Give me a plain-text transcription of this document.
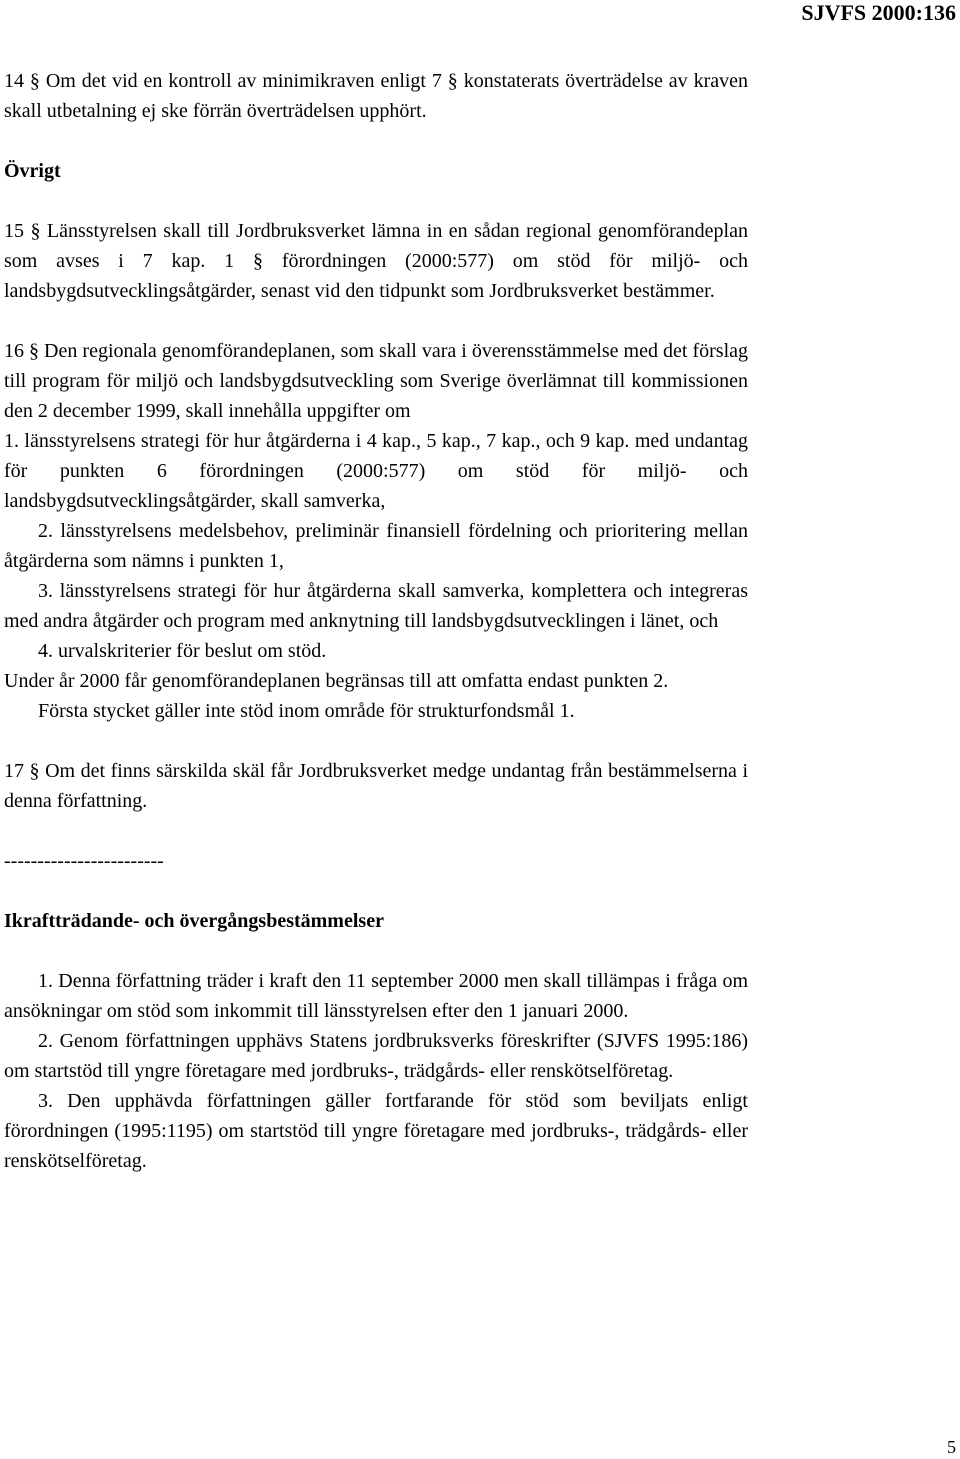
SJVFS 2000:136

14 § Om det vid en kontroll av minimikraven enligt 7 § konstaterats överträdelse av kraven skall utbetalning ej ske förrän överträdelsen upphört.

Övrigt

15 § Länsstyrelsen skall till Jordbruksverket lämna in en sådan regional genomförandeplan som avses i 7 kap. 1 § förordningen (2000:577) om stöd för miljö- och landsbygdsutvecklingsåtgärder, senast vid den tidpunkt som Jordbruksverket bestämmer.

16 § Den regionala genomförandeplanen, som skall vara i överensstämmelse med det förslag till program för miljö och landsbygdsutveckling som Sverige överlämnat till kommissionen den 2 december 1999, skall innehålla uppgifter om

1. länsstyrelsens strategi för hur åtgärderna i 4 kap., 5 kap., 7 kap., och 9 kap. med undantag för punkten 6 förordningen (2000:577) om stöd för miljö- och landsbygdsutvecklingsåtgärder, skall samverka,

2. länsstyrelsens medelsbehov, preliminär finansiell fördelning och prioritering mellan åtgärderna som nämns i punkten 1,

3. länsstyrelsens strategi för hur åtgärderna skall samverka, komplettera och integreras med andra åtgärder och program med anknytning till landsbygdsutvecklingen i länet, och

4. urvalskriterier för beslut om stöd.

Under år 2000 får genomförandeplanen begränsas till att omfatta endast punkten 2.

Första stycket gäller inte stöd inom område för strukturfondsmål 1.

17 § Om det finns särskilda skäl får Jordbruksverket medge undantag från bestämmelserna i denna författning.

------------------------

Ikraftträdande- och övergångsbestämmelser

1. Denna författning träder i kraft den 11 september 2000 men skall tillämpas i fråga om ansökningar om stöd som inkommit till länsstyrelsen efter den 1 januari 2000.

2. Genom författningen upphävs Statens jordbruksverks föreskrifter (SJVFS 1995:186) om startstöd till yngre företagare med jordbruks-, trädgårds- eller renskötselföretag.

3. Den upphävda författningen gäller fortfarande för stöd som beviljats enligt förordningen (1995:1195) om startstöd till yngre företagare med jordbruks-, trädgårds- eller renskötselföretag.

5
